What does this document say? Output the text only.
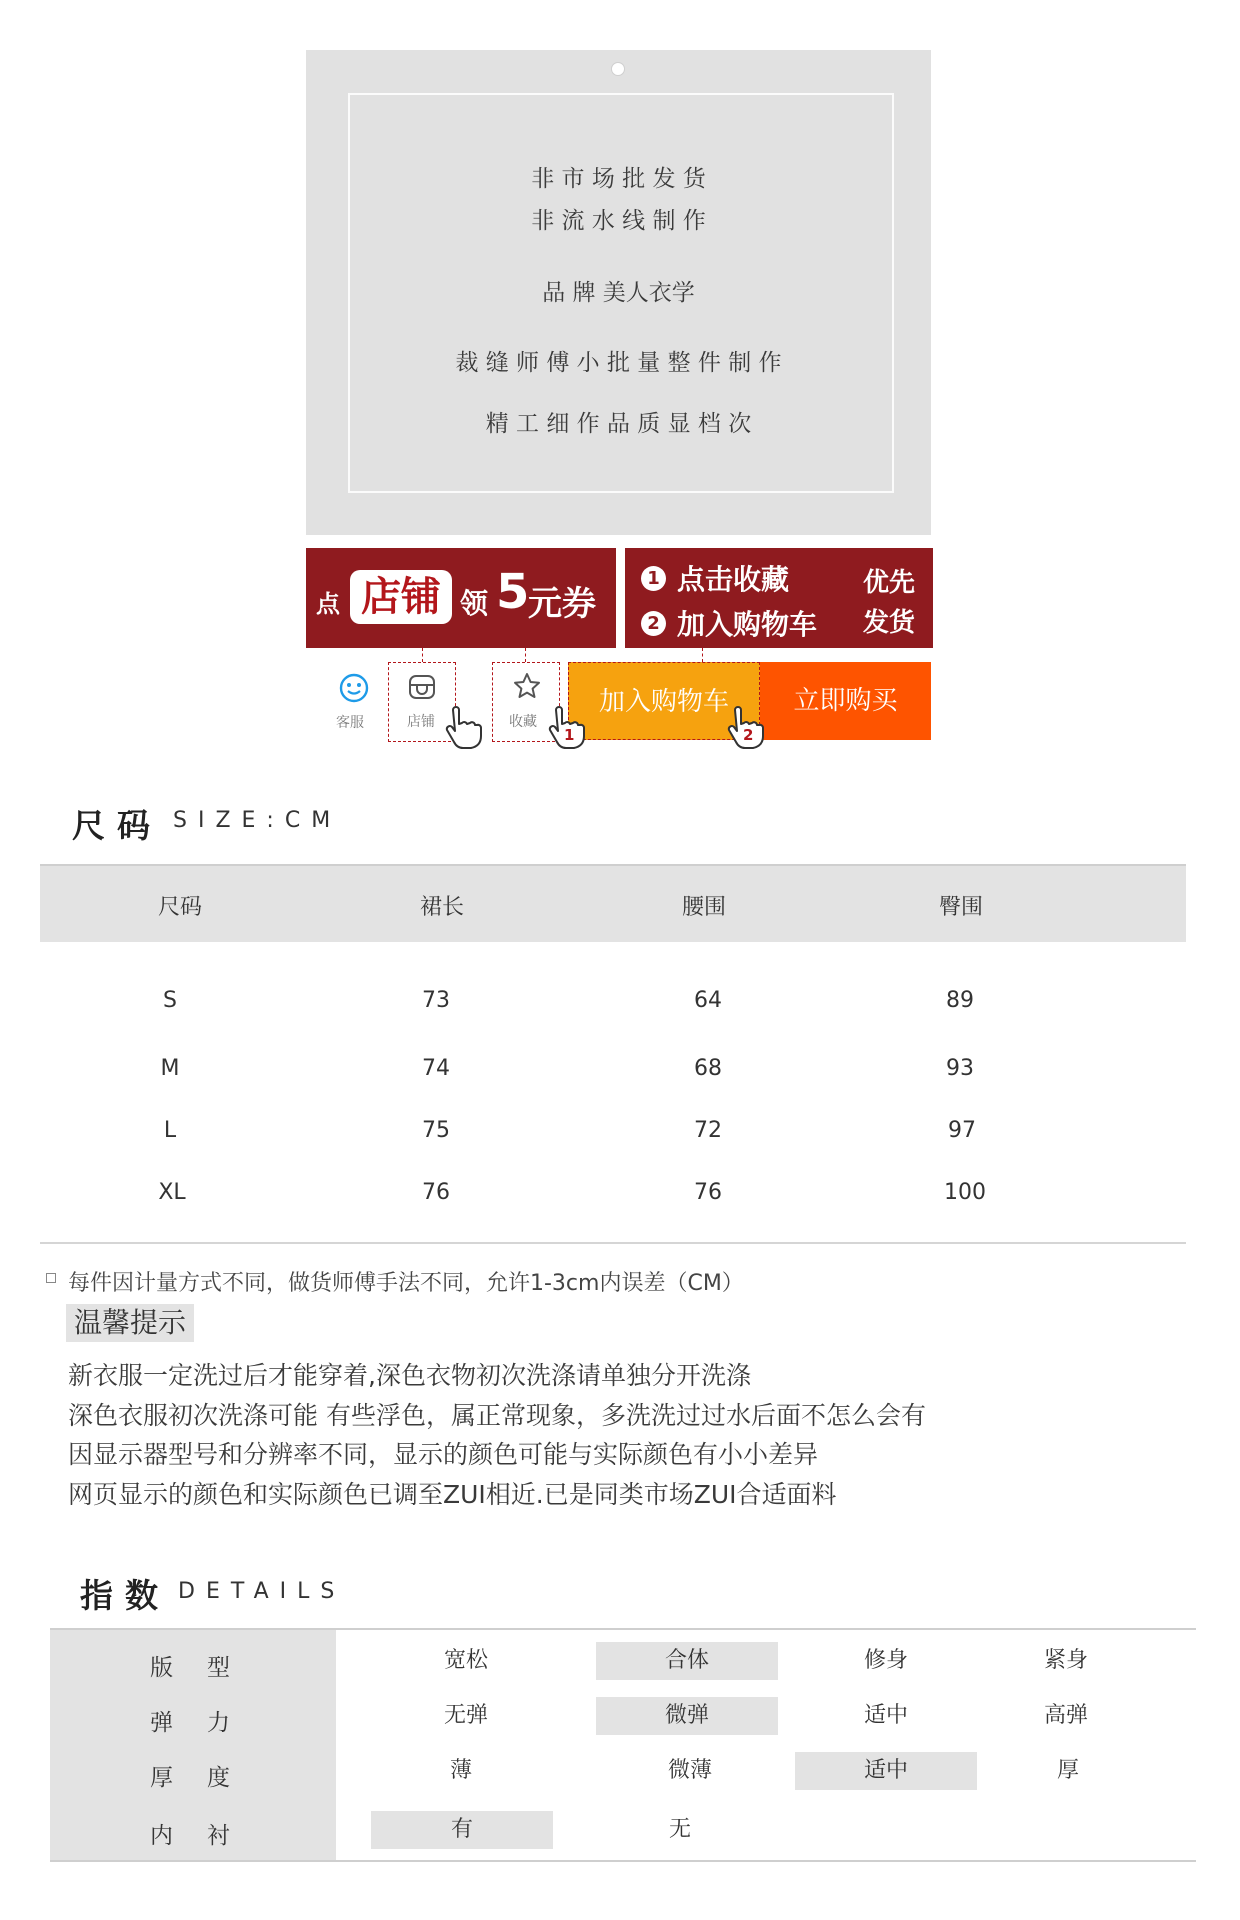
非 市 场 批 发 货
非 流 水 线 制 作
品 牌 美人衣学
裁 缝 师 傅 小 批 量 整 件 制 作
精 工 细 作 品 质 显 档 次
点 店铺 领 5
元券
1 点击收藏
2 加入购物车
优先
发货
客服	店铺	收藏
加入购物车	立即购买
1	2
尺码 SIZE:CM
尺码	裙长	腰围	臀围
S	73	64	89
M	74	68	93
L	75	72	97
XL	76	76	100
每件因计量方式不同，做货师傅手法不同，允许1-3cm内误差（CM）
温馨提示
新衣服一定洗过后才能穿着,深色衣物初次洗涤请单独分开洗涤
深色衣服初次洗涤可能 有些浮色，属正常现象，多洗洗过过水后面不怎么会有
因显示器型号和分辨率不同，显示的颜色可能与实际颜色有小小差异
网页显示的颜色和实际颜色已调至ZUI相近.已是同类市场ZUI合适面料
指数 DETAILS
版型	宽松	合体	修身	紧身
弹力	无弹	微弹	适中	高弹
厚度	薄	微薄	适中	厚
内衬	有	无
